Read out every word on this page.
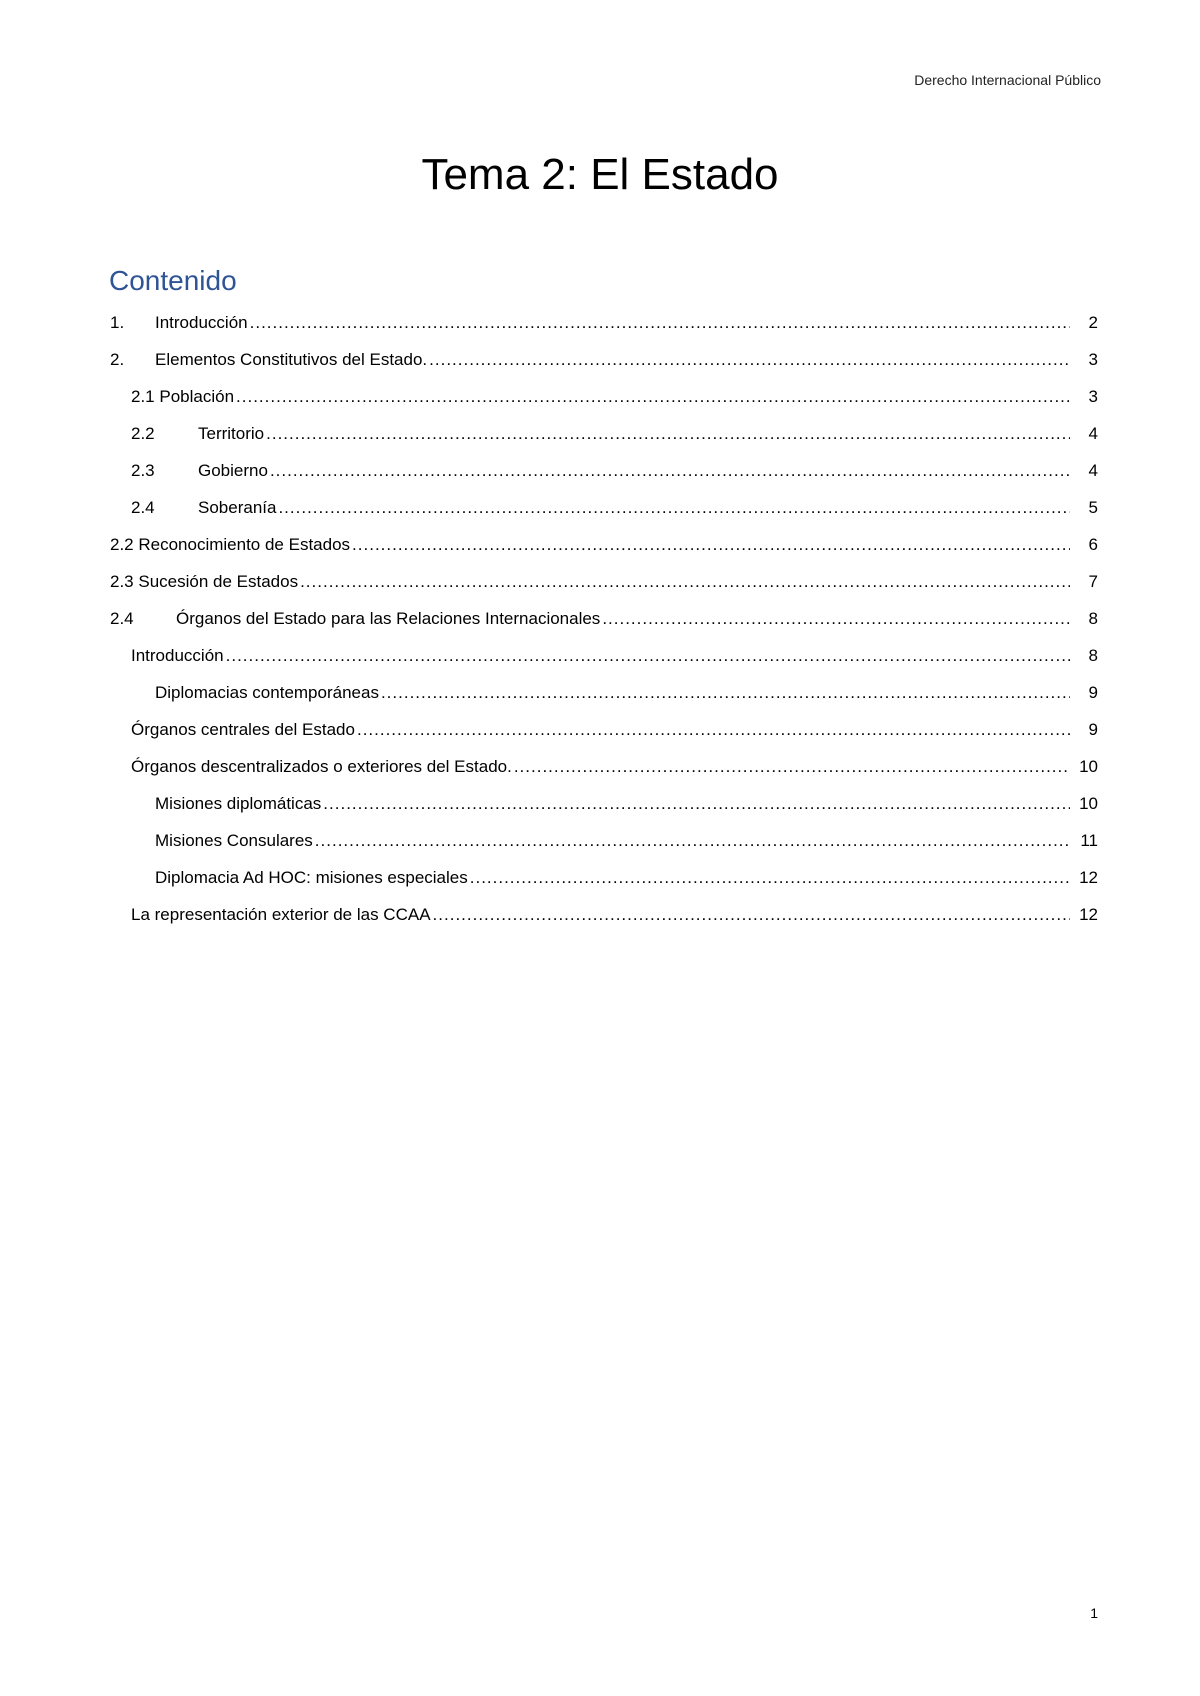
Derecho Internacional Público
Tema 2: El Estado
Contenido
1. Introducción .....	2
2. Elementos Constitutivos del Estado. .....	3
2.1 Población .....	3
2.2	Territorio .....	4
2.3	Gobierno .....	4
2.4	Soberanía .....	5
2.2 Reconocimiento de Estados .....	6
2.3 Sucesión de Estados .....	7
2.4 Órganos del Estado para las Relaciones Internacionales .....	8
Introducción .....	8
Diplomacias contemporáneas .....	9
Órganos centrales del Estado .....	9
Órganos descentralizados o exteriores del Estado. .....	10
Misiones diplomáticas .....	10
Misiones Consulares .....	11
Diplomacia Ad HOC: misiones especiales .....	12
La representación exterior de las CCAA .....	12
1
